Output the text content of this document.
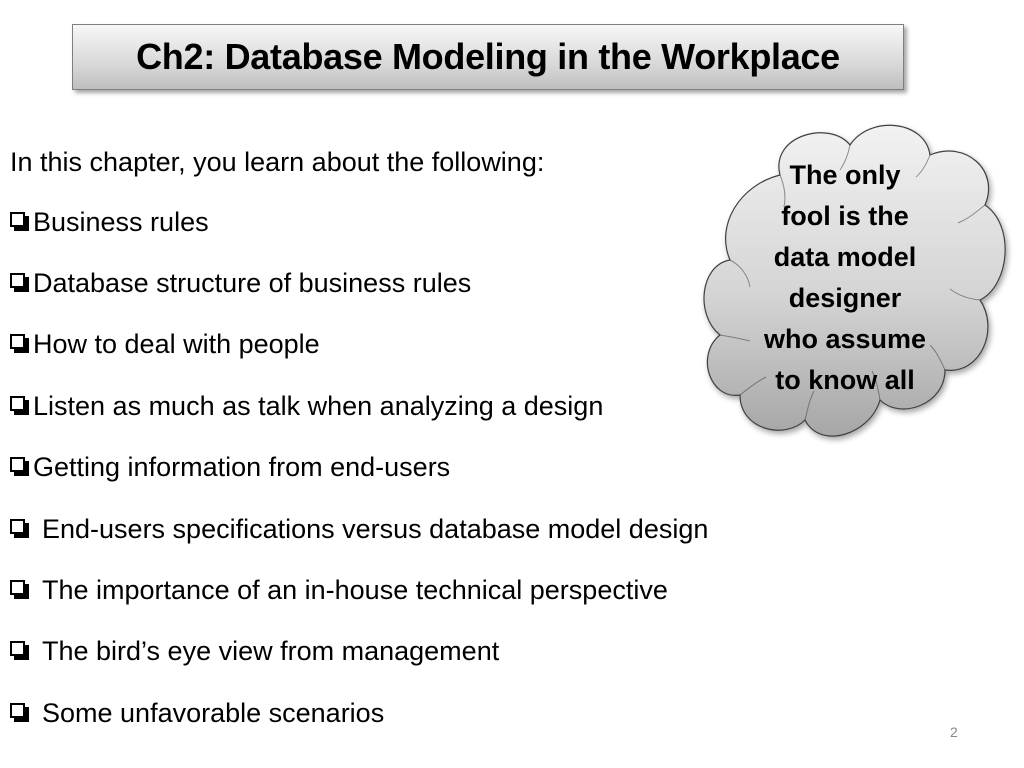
Ch2: Database Modeling in the Workplace
In this chapter, you learn about the following:
Business rules
Database structure of business rules
How to deal with people
Listen as much as talk when analyzing a design
Getting information from end-users
End-users specifications versus database model design
The importance of an in-house technical perspective
The bird’s eye view from management
Some unfavorable scenarios
The only
fool is the
data model
designer
who assume
to know all
2
